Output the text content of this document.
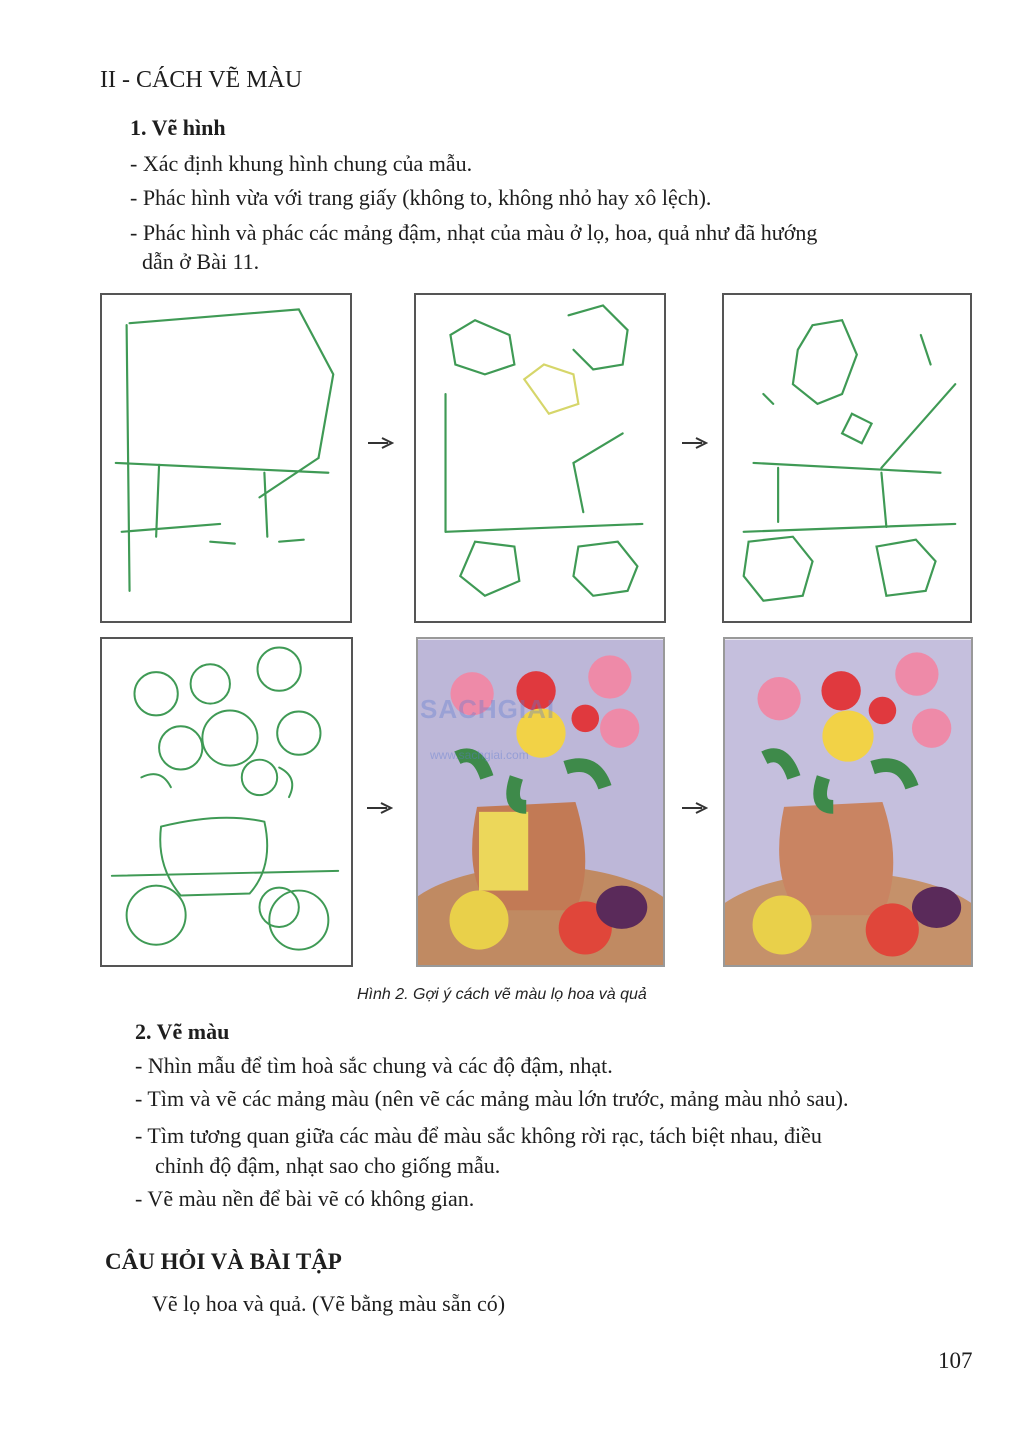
II - CÁCH VẼ MÀU
1. Vẽ hình
- Xác định khung hình chung của mẫu.
- Phác hình vừa với trang giấy (không to, không nhỏ hay xô lệch).
- Phác hình và phác các mảng đậm, nhạt của màu ở lọ, hoa, quả như đã hướng
dẫn ở Bài 11.
SACHGIAI
www.sachgiai.com
Hình 2. Gợi ý cách vẽ màu lọ hoa và quả
2. Vẽ màu
- Nhìn mẫu để tìm hoà sắc chung và các độ đậm, nhạt.
- Tìm và vẽ các mảng màu (nên vẽ các mảng màu lớn trước, mảng màu nhỏ sau).
- Tìm tương quan giữa các màu để màu sắc không rời rạc, tách biệt nhau, điều
chỉnh độ đậm, nhạt sao cho giống mẫu.
- Vẽ màu nền để bài vẽ có không gian.
CÂU HỎI VÀ BÀI TẬP
Vẽ lọ hoa và quả. (Vẽ bằng màu sẵn có)
107
